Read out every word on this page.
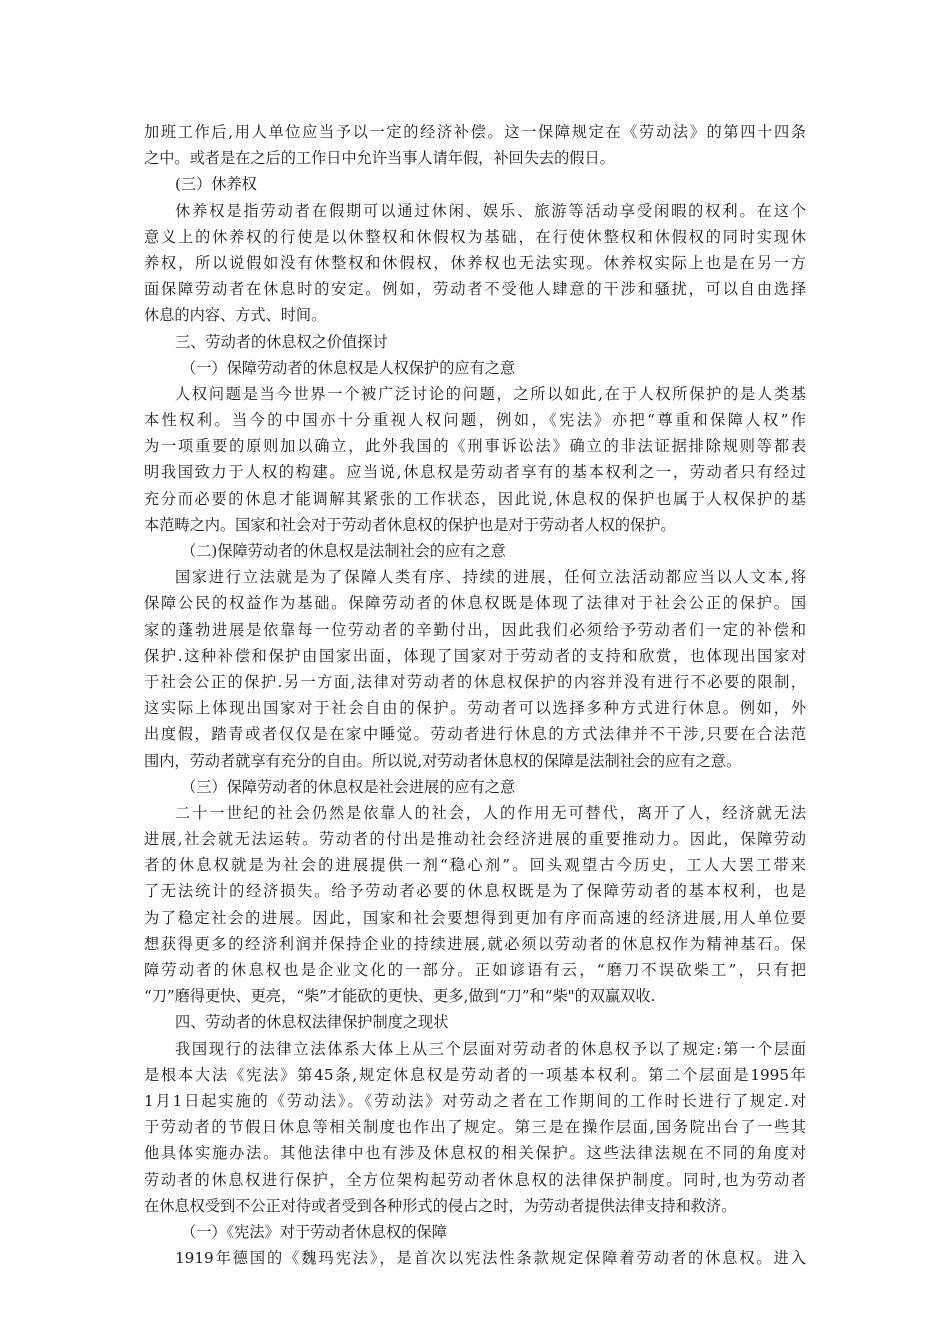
加班工作后,用人单位应当予以一定的经济补偿。这一保障规定在《劳动法》的第四十四条
之中。或者是在之后的工作日中允许当事人请年假，补回失去的假日。
(三）休养权
休养权是指劳动者在假期可以通过休闲、娱乐、旅游等活动享受闲暇的权利。在这个
意义上的休养权的行使是以休整权和休假权为基础，在行使休整权和休假权的同时实现休
养权，所以说假如没有休整权和休假权，休养权也无法实现。休养权实际上也是在另一方
面保障劳动者在休息时的安定。例如，劳动者不受他人肆意的干涉和骚扰，可以自由选择
休息的内容、方式、时间。
三、劳动者的休息权之价值探讨
（一）保障劳动者的休息权是人权保护的应有之意
人权问题是当今世界一个被广泛讨论的问题，之所以如此,在于人权所保护的是人类基
本性权利。当今的中国亦十分重视人权问题，例如，《宪法》亦把“尊重和保障人权”作
为一项重要的原则加以确立，此外我国的《刑事诉讼法》确立的非法证据排除规则等都表
明我国致力于人权的构建。应当说,休息权是劳动者享有的基本权利之一，劳动者只有经过
充分而必要的休息才能调解其紧张的工作状态，因此说,休息权的保护也属于人权保护的基
本范畴之内。国家和社会对于劳动者休息权的保护也是对于劳动者人权的保护。
（二)保障劳动者的休息权是法制社会的应有之意
国家进行立法就是为了保障人类有序、持续的进展，任何立法活动都应当以人文本,将
保障公民的权益作为基础。保障劳动者的休息权既是体现了法律对于社会公正的保护。国
家的蓬勃进展是依靠每一位劳动者的辛勤付出，因此我们必须给予劳动者们一定的补偿和
保护.这种补偿和保护由国家出面，体现了国家对于劳动者的支持和欣赏，也体现出国家对
于社会公正的保护.另一方面,法律对劳动者的休息权保护的内容并没有进行不必要的限制，
这实际上体现出国家对于社会自由的保护。劳动者可以选择多种方式进行休息。例如，外
出度假，踏青或者仅仅是在家中睡觉。劳动者进行休息的方式法律并不干涉,只要在合法范
围内，劳动者就享有充分的自由。所以说,对劳动者休息权的保障是法制社会的应有之意。
（三）保障劳动者的休息权是社会进展的应有之意
二十一世纪的社会仍然是依靠人的社会，人的作用无可替代，离开了人，经济就无法
进展,社会就无法运转。劳动者的付出是推动社会经济进展的重要推动力。因此，保障劳动
者的休息权就是为社会的进展提供一剂“稳心剂”。回头观望古今历史，工人大罢工带来
了无法统计的经济损失。给予劳动者必要的休息权既是为了保障劳动者的基本权利，也是
为了稳定社会的进展。因此，国家和社会要想得到更加有序而高速的经济进展,用人单位要
想获得更多的经济利润并保持企业的持续进展,就必须以劳动者的休息权作为精神基石。保
障劳动者的休息权也是企业文化的一部分。正如谚语有云，“磨刀不误砍柴工”，只有把
“刀”磨得更快、更亮，“柴”才能砍的更快、更多,做到“刀”和“柴"的双赢双收.
四、劳动者的休息权法律保护制度之现状
我国现行的法律立法体系大体上从三个层面对劳动者的休息权予以了规定:第一个层面
是根本大法《宪法》第45条,规定休息权是劳动者的一项基本权利。第二个层面是1995年
1月1日起实施的《劳动法》。《劳动法》对劳动之者在工作期间的工作时长进行了规定.对
于劳动者的节假日休息等相关制度也作出了规定。第三是在操作层面,国务院出台了一些其
他具体实施办法。其他法律中也有涉及休息权的相关保护。这些法律法规在不同的角度对
劳动者的休息权进行保护，全方位架构起劳动者休息权的法律保护制度。同时,也为劳动者
在休息权受到不公正对待或者受到各种形式的侵占之时，为劳动者提供法律支持和救济。
（一）《宪法》对于劳动者休息权的保障
1919年德国的《魏玛宪法》，是首次以宪法性条款规定保障着劳动者的休息权。进入
